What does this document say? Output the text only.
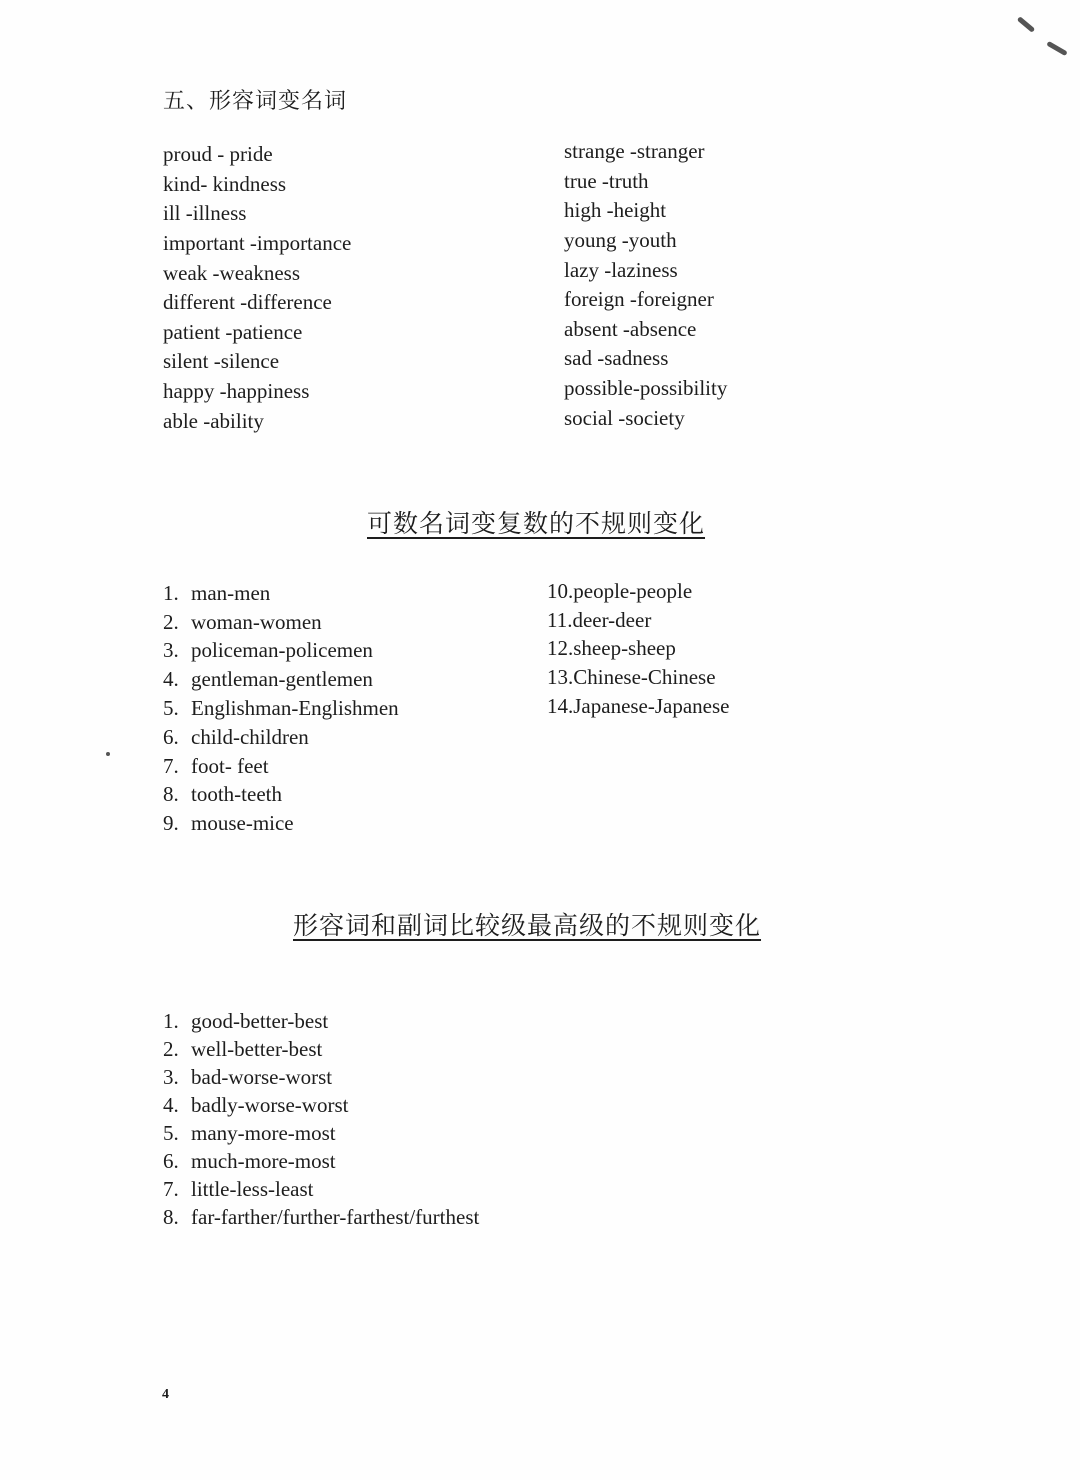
五、形容词变名词
proud - pride
kind- kindness
ill -illness
important -importance
weak -weakness
different -difference
patient -patience
silent -silence
happy -happiness
able -ability
strange -stranger
true -truth
high -height
young -youth
lazy -laziness
foreign -foreigner
absent -absence
sad -sadness
possible-possibility
social -society
可数名词变复数的不规则变化
1. man-men
2. woman-women
3. policeman-policemen
4. gentleman-gentlemen
5. Englishman-Englishmen
6. child-children
7. foot- feet
8. tooth-teeth
9. mouse-mice
10.people-people
11.deer-deer
12.sheep-sheep
13.Chinese-Chinese
14.Japanese-Japanese
形容词和副词比较级最高级的不规则变化
1. good-better-best
2. well-better-best
3. bad-worse-worst
4. badly-worse-worst
5. many-more-most
6. much-more-most
7. little-less-least
8. far-farther/further-farthest/furthest
4
